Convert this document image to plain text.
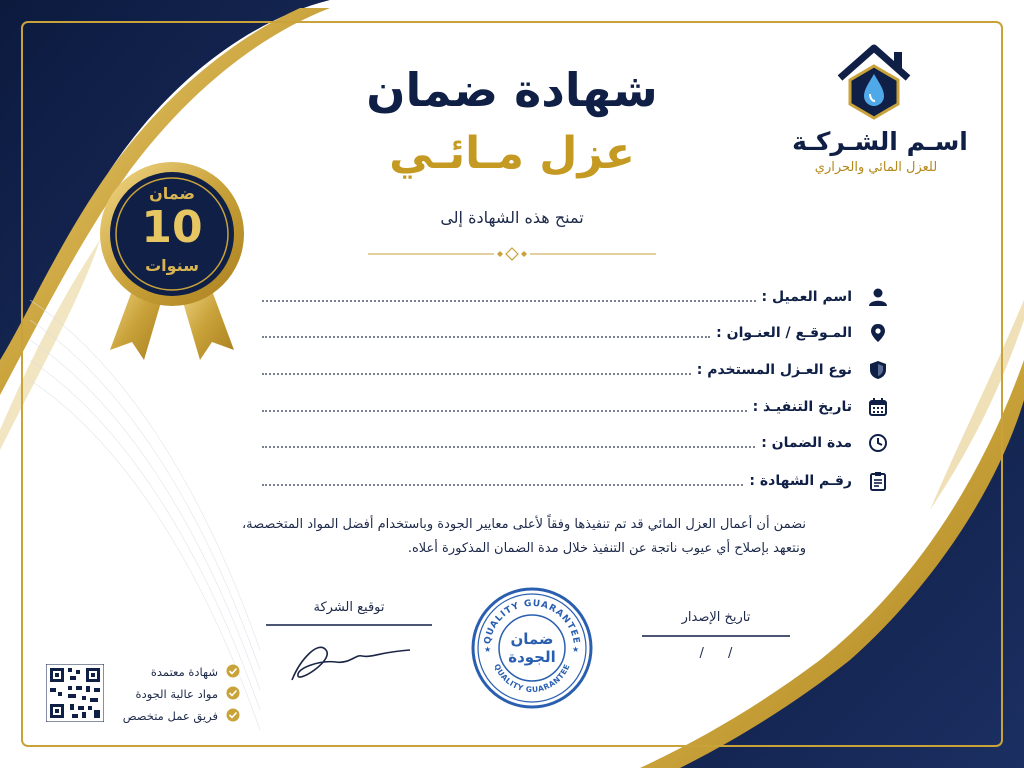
اسـم الشـركـة
للعزل المائي والحراري
شهادة ضمان
عزل مـائـي
تمنح هذه الشهادة إلى
ضمان
10
سنوات
اسم العميل :
المـوقـع / العنـوان :
نوع العـزل المستخدم :
تاريخ التنفيـذ :
مدة الضمان :
رقـم الشهادة :
نضمن أن أعمال العزل المائي قد تم تنفيذها وفقاً لأعلى معايير الجودة وباستخدام أفضل المواد المتخصصة،
ونتعهد بإصلاح أي عيوب ناتجة عن التنفيذ خلال مدة الضمان المذكورة أعلاه.
توقيع الشركة
تاريخ الإصدار
/ /
QUALITY GUARANTEE
QUALITY GUARANTEE
★	★
ضمان
الجودة
شهادة معتمدة
مواد عالية الجودة
فريق عمل متخصص
